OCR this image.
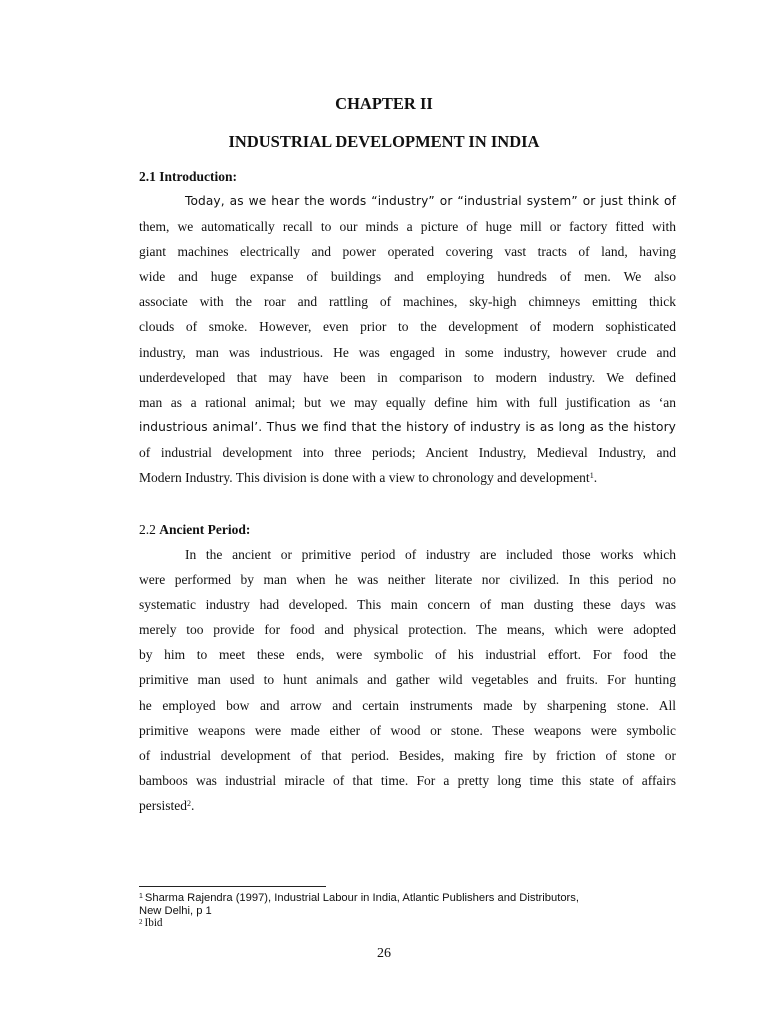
CHAPTER II
INDUSTRIAL DEVELOPMENT IN INDIA

2.1 Introduction:

Today, as we hear the words “industry” or “industrial system” or just think of
them, we automatically recall to our minds a picture of huge mill or factory fitted with
giant machines electrically and power operated covering vast tracts of land, having
wide and huge expanse of buildings and employing hundreds of men. We also
associate with the roar and rattling of machines, sky-high chimneys emitting thick
clouds of smoke. However, even prior to the development of modern sophisticated
industry, man was industrious. He was engaged in some industry, however crude and
underdeveloped that may have been in comparison to modern industry. We defined
man as a rational animal; but we may equally define him with full justification as ‘an
industrious animal’. Thus we find that the history of industry is as long as the history
of industrial development into three periods; Ancient Industry, Medieval Industry, and
Modern Industry. This division is done with a view to chronology and development$^1$.

2.2 Ancient Period:

In the ancient or primitive period of industry are included those works which
were performed by man when he was neither literate nor civilized. In this period no
systematic industry had developed. This main concern of man dusting these days was
merely too provide for food and physical protection. The means, which were adopted
by him to meet these ends, were symbolic of his industrial effort. For food the
primitive man used to hunt animals and gather wild vegetables and fruits. For hunting
he employed bow and arrow and certain instruments made by sharpening stone. All
primitive weapons were made either of wood or stone. These weapons were symbolic
of industrial development of that period. Besides, making fire by friction of stone or
bamboos was industrial miracle of that time. For a pretty long time this state of affairs
persisted$^2$.

$^1$ Sharma Rajendra (1997), Industrial Labour in India, Atlantic Publishers and Distributors,

New Delhi, p 1

$^2$ Ibid

26
